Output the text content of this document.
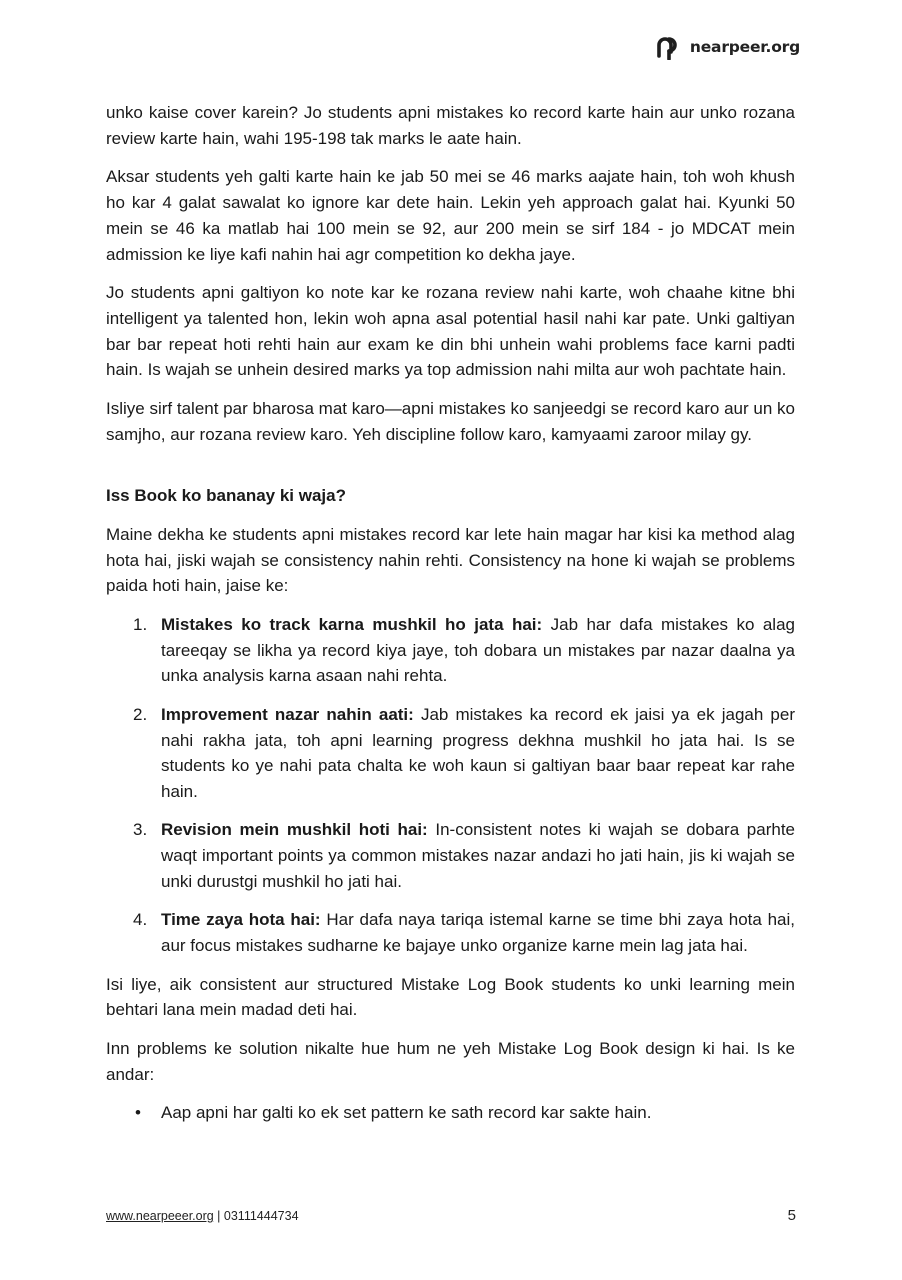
nearpeer.org

unko kaise cover karein? Jo students apni mistakes ko record karte hain aur unko rozana review karte hain, wahi 195-198 tak marks le aate hain.

Aksar students yeh galti karte hain ke jab 50 mei se 46 marks aajate hain, toh woh khush ho kar 4 galat sawalat ko ignore kar dete hain. Lekin yeh approach galat hai. Kyunki 50 mein se 46 ka matlab hai 100 mein se 92, aur 200 mein se sirf 184 - jo MDCAT mein admission ke liye kafi nahin hai agr competition ko dekha jaye.

Jo students apni galtiyon ko note kar ke rozana review nahi karte, woh chaahe kitne bhi intelligent ya talented hon, lekin woh apna asal potential hasil nahi kar pate. Unki galtiyan bar bar repeat hoti rehti hain aur exam ke din bhi unhein wahi problems face karni padti hain. Is wajah se unhein desired marks ya top admission nahi milta aur woh pachtate hain.

Isliye sirf talent par bharosa mat karo—apni mistakes ko sanjeedgi se record karo aur un ko samjho, aur rozana review karo. Yeh discipline follow karo, kamyaami zaroor milay gy.

Iss Book ko bananay ki waja?

Maine dekha ke students apni mistakes record kar lete hain magar har kisi ka method alag hota hai, jiski wajah se consistency nahin rehti. Consistency na hone ki wajah se problems paida hoti hain, jaise ke:

1. Mistakes ko track karna mushkil ho jata hai: Jab har dafa mistakes ko alag tareeqay se likha ya record kiya jaye, toh dobara un mistakes par nazar daalna ya unka analysis karna asaan nahi rehta.
2. Improvement nazar nahin aati: Jab mistakes ka record ek jaisi ya ek jagah per nahi rakha jata, toh apni learning progress dekhna mushkil ho jata hai. Is se students ko ye nahi pata chalta ke woh kaun si galtiyan baar baar repeat kar rahe hain.
3. Revision mein mushkil hoti hai: In-consistent notes ki wajah se dobara parhte waqt important points ya common mistakes nazar andazi ho jati hain, jis ki wajah se unki durustgi mushkil ho jati hai.
4. Time zaya hota hai: Har dafa naya tariqa istemal karne se time bhi zaya hota hai, aur focus mistakes sudharne ke bajaye unko organize karne mein lag jata hai.

Isi liye, aik consistent aur structured Mistake Log Book students ko unki learning mein behtari lana mein madad deti hai.

Inn problems ke solution nikalte hue hum ne yeh Mistake Log Book design ki hai. Is ke andar:

• Aap apni har galti ko ek set pattern ke sath record kar sakte hain.
www.nearpeeer.org | 03111444734	5
